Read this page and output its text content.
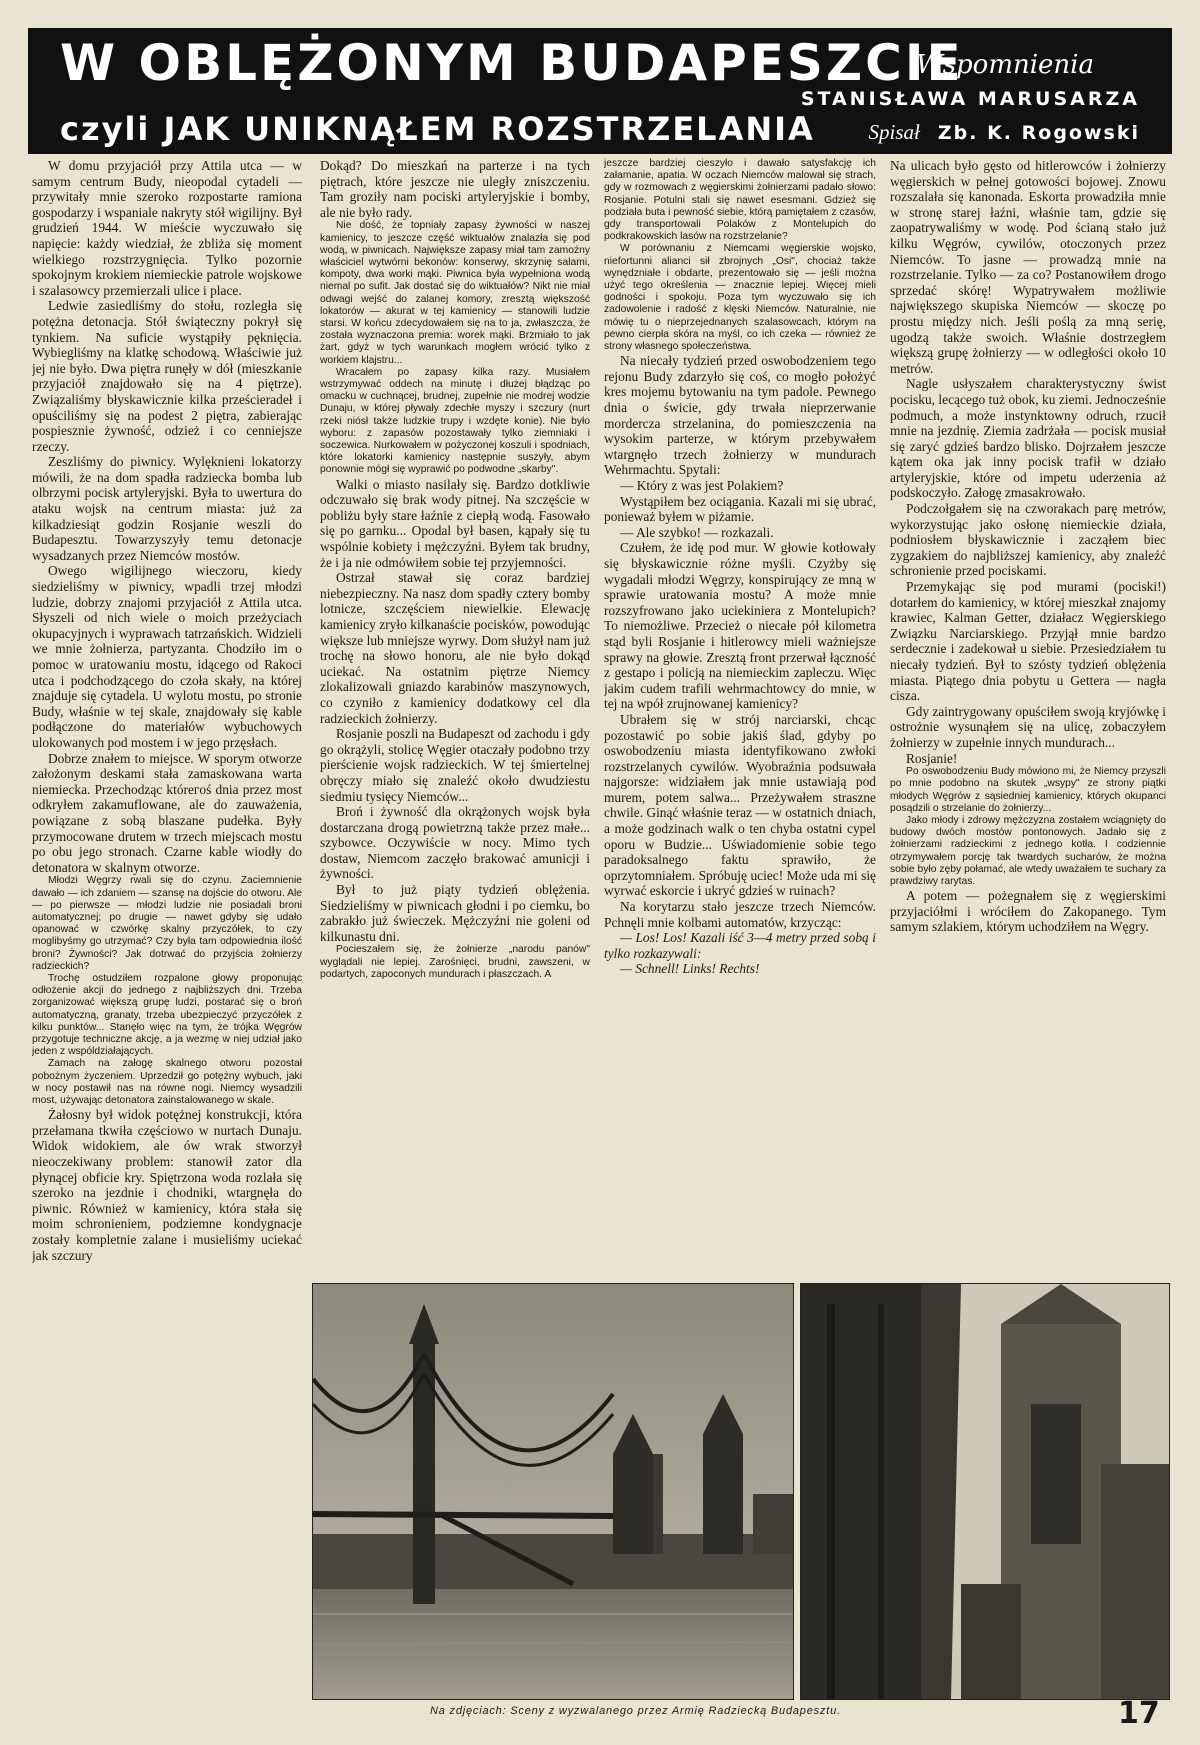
W OBLĘŻONYM BUDAPESZCIE
czyli JAK UNIKNĄŁEM ROZSTRZELANIA
Wspomnienia
STANISŁAWA MARUSARZA
Spisał Zb. K. Rogowski

W domu przyjaciół przy Attila utca — w samym centrum Budy, nieopodal cytadeli — przywitały mnie szeroko rozpostarte ramiona gospodarzy i wspaniale nakryty stół wigilijny. Był grudzień 1944. W mieście wyczuwało się napięcie: każdy wiedział, że zbliża się moment wielkiego rozstrzygnięcia. Tylko pozornie spokojnym krokiem niemieckie patrole wojskowe i szalasowcy przemierzali ulice i place.

Ledwie zasiedliśmy do stołu, rozległa się potężna detonacja. Stół świąteczny pokrył się tynkiem. Na suficie wystąpiły pęknięcia. Wybiegliśmy na klatkę schodową. Właściwie już jej nie było. Dwa piętra runęły w dół (mieszkanie przyjaciół znajdowało się na 4 piętrze). Związaliśmy błyskawicznie kilka prześcieradeł i opuściliśmy się na podest 2 piętra, zabierając pospiesznie żywność, odzież i co cenniejsze rzeczy.

Zeszliśmy do piwnicy. Wylęknieni lokatorzy mówili, że na dom spadła radziecka bomba lub olbrzymi pocisk artyleryjski. Była to uwertura do ataku wojsk na centrum miasta: już za kilkadziesiąt godzin Rosjanie weszli do Budapesztu. Towarzyszyły temu detonacje wysadzanych przez Niemców mostów.

Owego wigilijnego wieczoru, kiedy siedzieliśmy w piwnicy, wpadli trzej młodzi ludzie, dobrzy znajomi przyjaciół z Attila utca. Słyszeli od nich wiele o moich przeżyciach okupacyjnych i wyprawach tatrzańskich. Widzieli we mnie żołnierza, partyzanta. Chodziło im o pomoc w uratowaniu mostu, idącego od Rakoci utca i podchodzącego do czoła skały, na której znajduje się cytadela. U wylotu mostu, po stronie Budy, właśnie w tej skale, znajdowały się kable podłączone do materiałów wybuchowych ulokowanych pod mostem i w jego przęsłach.

Dobrze znałem to miejsce. W sporym otworze założonym deskami stała zamaskowana warta niemiecka. Przechodząc którегoś dnia przez most odkryłem zakamuflowane, ale do zauważenia, powiązane z sobą blaszane pudełka. Były przymocowane drutem w trzech miejscach mostu po obu jego stronach. Czarne kable wiodły do detonatora w skalnym otworze.

Młodzi Węgrzy rwali się do czynu. Zaciemnienie dawało — ich zdaniem — szansę na dojście do otworu. Ale — po pierwsze — młodzi ludzie nie posiadali broni automatycznej; po drugie — nawet gdyby się udało opanować w czwórkę skalny przyczółek, to czy moglibyśmy go utrzymać? Czy była tam odpowiednia ilość broni? Żywności? Jak dotrwać do przyjścia żołnierzy radzieckich?

Trochę ostudziłem rozpalone głowy proponując odłożenie akcji do jednego z najbliższych dni. Trzeba zorganizować większą grupę ludzi, postarać się o broń automatyczną, granaty, trzeba ubezpieczyć przyczółek z kilku punktów... Stanęło więc na tym, że trójka Węgrów przygotuje techniczne akcję, a ja wezmę w niej udział jako jeden z wspóldziałających.

Zamach na załogę skalnego otworu pozostał pobożnym życzeniem. Uprzedził go potężny wybuch, jaki w nocy postawił nas na równe nogi. Niemcy wysadzili most, używając detonatora zainstalowanego w skale.

Żałosny był widok potężnej konstrukcji, która przełamana tkwiła częściowo w nurtach Dunaju. Widok widokiem, ale ów wrak stworzył nieoczekiwany problem: stanowił zator dla płynącej obficie kry. Spiętrzona woda rozlała się szeroko na jezdnie i chodniki, wtargnęła do piwnic. Również w kamienicy, która stała się moim schronieniem, podziemne kondygnacje zostały kompletnie zalane i musieliśmy uciekać jak szczury

Dokąd? Do mieszkań na parterze i na tych piętrach, które jeszcze nie uległy zniszczeniu. Tam groziły nam pociski artyleryjskie i bomby, ale nie było rady.

Nie dość, że topniały zapasy żywności w naszej kamienicy, to jeszcze część wiktuałów znalazła się pod wodą, w piwnicach. Największe zapasy miał tam zamożny właściciel wytwórni bekonów: konserwy, skrzynię salami, kompoty, dwa worki mąki. Piwnica była wypełniona wodą niemal po sufit. Jak dostać się do wiktuałów? Nikt nie miał odwagi wejść do zalanej komory, zresztą większość lokatorów — akurat w tej kamienicy — stanowili ludzie starsi. W końcu zdecydowałem się na to ja, zwłaszcza, że została wyznaczona premia: worek mąki. Brzmiało to jak żart, gdyż w tych warunkach mogłem wrócić tylko z workiem klajstru...

Wracałem po zapasy kilka razy. Musiałem wstrzymywać oddech na minutę i dłużej błądząc po omacku w cuchnącej, brudnej, zupełnie nie modrej wodzie Dunaju, w której pływały zdechłe myszy i szczury (nurt rzeki niósł także ludzkie trupy i wzdęte konie). Nie było wyboru: z zapasów pozostawały tylko ziemniaki i soczewica. Nurkowałem w pożyczonej koszuli i spodniach, które lokatorki kamienicy następnie suszyły, abym ponownie mógł się wyprawić po podwodne „skarby".

Walki o miasto nasilały się. Bardzo dotkliwie odczuwało się brak wody pitnej. Na szczęście w pobliżu były stare łaźnie z ciepłą wodą. Fasowało się po garnku... Opodal był basen, kąpały się tu wspólnie kobiety i mężczyźni. Byłem tak brudny, że i ja nie odmówiłem sobie tej przyjemności.

Ostrzał stawał się coraz bardziej niebezpieczny. Na nasz dom spadły cztery bomby lotnicze, szczęściem niewielkie. Elewację kamienicy zryło kilkanaście pocisków, powodując większe lub mniejsze wyrwy. Dom służył nam już trochę na słowo honoru, ale nie było dokąd uciekać. Na ostatnim piętrze Niemcy zlokalizowali gniazdo karabinów maszynowych, co czyniło z kamienicy dodatkowy cel dla radzieckich żołnierzy.

Rosjanie poszli na Budapeszt od zachodu i gdy go okrążyli, stolicę Węgier otaczały podobno trzy pierścienie wojsk radzieckich. W tej śmiertelnej obręczy miało się znaleźć około dwudziestu siedmiu tysięcy Niemców...

Broń i żywność dla okrążonych wojsk była dostarczana drogą powietrzną także przez małe... szybowce. Oczywiście w nocy. Mimo tych dostaw, Niemcom zaczęło brakować amunicji i żywności.

Był to już piąty tydzień oblężenia. Siedzieliśmy w piwnicach głodni i po ciemku, bo zabrakło już świeczek. Mężczyźni nie goleni od kilkunastu dni.

Pocieszałem się, że żołnierze „narodu panów" wyglądali nie lepiej. Zarośnięci, brudni, zawszeni, w podartych, zapoconych mundurach i płaszczach. A

jeszcze bardziej cieszyło i dawało satysfakcję ich załamanie, apatia. W oczach Niemców malował się strach, gdy w rozmowach z węgierskimi żołnierzami padało słowo: Rosjanie. Potulni stali się nawet esesmani. Gdzież się podziała buta i pewność siebie, którą pamiętałem z czasów, gdy transportowali Polaków z Montelupich do podkrakowskich lasów na rozstrzelanie?

W porównaniu z Niemcami węgierskie wojsko, niefortunni alianci sił zbrojnych „Osi", chociaż także wynędzniałe i obdarte, prezentowało się — jeśli można użyć tego określenia — znacznie lepiej. Więcej mieli godności i spokoju. Poza tym wyczuwało się ich zadowolenie i radość z klęski Niemców. Naturalnie, nie mówię tu o nieprzejednanych szalasowcach, którym na pewno cierpła skóra na myśl, co ich czeka — również ze strony własnego społeczeństwa.

Na niecały tydzień przed oswobodzeniem tego rejonu Budy zdarzyło się coś, co mogło położyć kres mojemu bytowaniu na tym padole. Pewnego dnia o świcie, gdy trwała nieprzerwanie mordercza strzelanina, do pomieszczenia na wysokim parterze, w którym przebywałem wtargnęło trzech żołnierzy w mundurach Wehrmachtu. Spytali:

— Który z was jest Polakiem?

Wystąpiłem bez ociągania. Kazali mi się ubrać, ponieważ byłem w piżamie.

— Ale szybko! — rozkazali.

Czułem, że idę pod mur. W głowie kotłowały się błyskawicznie różne myśli. Czyżby się wygadali młodzi Węgrzy, konspirujący ze mną w sprawie uratowania mostu? A może mnie rozszyfrowano jako uciekiniera z Montelupich? To niemożliwe. Przecież o niecałe pół kilometra stąd byli Rosjanie i hitlerowcy mieli ważniejsze sprawy na głowie. Zresztą front przerwał łączność z gestapo i policją na niemieckim zapleczu. Więc jakim cudem trafili wehrmachtowcy do mnie, w tej na wpół zrujnowanej kamienicy?

Ubrałem się w strój narciarski, chcąc pozostawić po sobie jakiś ślad, gdyby po oswobodzeniu miasta identyfikowano zwłoki rozstrzelanych cywilów. Wyobraźnia podsuwała najgorsze: widziałem jak mnie ustawiają pod murem, potem salwa... Przeżywałem straszne chwile. Ginąć właśnie teraz — w ostatnich dniach, a może godzinach walk o ten chyba ostatni cypel oporu w Budzie... Uświadomienie sobie tego paradoksalnego faktu sprawiło, że oprzytomniałem. Spróbuję uciec! Może uda mi się wyrwać eskorcie i ukryć gdzieś w ruinach?

Na korytarzu stało jeszcze trzech Niemców. Pchnęli mnie kolbami automatów, krzycząc:

— Los! Los! Kazali iść 3—4 metry przed sobą i tylko rozkazywali:

— Schnell! Links! Rechts!

Na ulicach było gęsto od hitlerowców i żołnierzy węgierskich w pełnej gotowości bojowej. Znowu rozszalała się kanonada. Eskorta prowadziła mnie w stronę starej łaźni, właśnie tam, gdzie się zaopatrywaliśmy w wodę. Pod ścianą stało już kilku Węgrów, cywilów, otoczonych przez Niemców. To jasne — prowadzą mnie na rozstrzelanie. Tylko — za co? Postanowiłem drogo sprzedać skórę! Wypatrywałem możliwie największego skupiska Niemców — skoczę po prostu między nich. Jeśli poślą za mną serię, ugodzą także swoich. Właśnie dostrzegłem większą grupę żołnierzy — w odległości około 10 metrów.

Nagle usłyszałem charakterystyczny świst pocisku, lecącego tuż obok, ku ziemi. Jednocześnie podmuch, a może instynktowny odruch, rzucił mnie na jezdnię. Ziemia zadrżała — pocisk musiał się zaryć gdzieś bardzo blisko. Dojrzałem jeszcze kątem oka jak inny pocisk trafił w działo artyleryjskie, które od impetu uderzenia aż podskoczyło. Załogę zmasakrowało.

Podczołgałem się na czworakach parę metrów, wykorzystując jako osłonę niemieckie działa, podniosłem błyskawicznie i zacząłem biec zygzakiem do najbliższej kamienicy, aby znaleźć schronienie przed pociskami.

Przemykając się pod murami (pociski!) dotarłem do kamienicy, w której mieszkał znajomy krawiec, Kalman Getter, działacz Węgierskiego Związku Narciarskiego. Przyjął mnie bardzo serdecznie i zadekował u siebie. Przesiedziałem tu niecały tydzień. Był to szósty tydzień oblężenia miasta. Piątego dnia pobytu u Gettera — nagła cisza.

Gdy zaintrygowany opuściłem swoją kryjówkę i ostrożnie wysunąłem się na ulicę, zobaczyłem żołnierzy w zupełnie innych mundurach...

Rosjanie!

Po oswobodzeniu Budy mówiono mi, że Niemcy przyszli po mnie podobno na skutek „wsypy" ze strony piątki młodych Węgrów z sąsiedniej kamienicy, których okupanci posądzili o strzelanie do żołnierzy...

Jako młody i zdrowy mężczyzna zostałem wciągnięty do budowy dwóch mostów pontonowych. Jadało się z żołnierzami radzieckimi z jednego kotła. I codziennie otrzymywałem porcję tak twardych sucharów, że można sobie było zęby połamać, ale wtedy uważałem te suchary za prawdziwy rarytas.

A potem — pożegnałem się z węgierskimi przyjaciółmi i wróciłem do Zakopanego. Tym samym szlakiem, którym uchodziłem na Węgry.

Na zdjęciach: Sceny z wyzwalanego przez Armię Radziecką Budapesztu.	17
